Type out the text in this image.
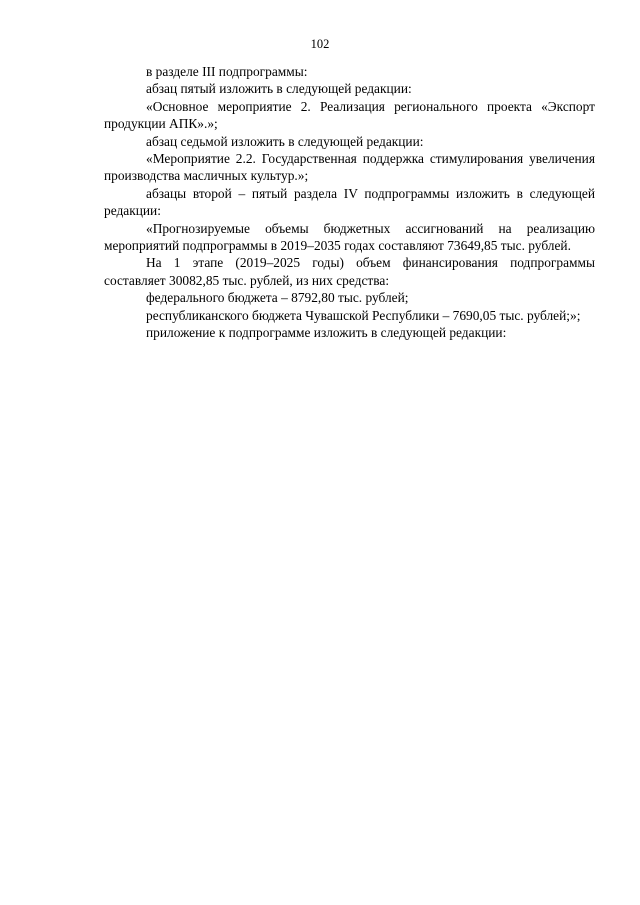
102

в разделе III подпрограммы:

абзац пятый изложить в следующей редакции:

«Основное мероприятие 2. Реализация регионального проекта «Экспорт продукции АПК».»;

абзац седьмой изложить в следующей редакции:

«Мероприятие 2.2. Государственная поддержка стимулирования увеличения производства масличных культур.»;

абзацы второй – пятый раздела IV подпрограммы изложить в следующей редакции:

«Прогнозируемые объемы бюджетных ассигнований на реализацию мероприятий подпрограммы в 2019–2035 годах составляют 73649,85 тыс. рублей.

На 1 этапе (2019–2025 годы) объем финансирования подпрограммы составляет 30082,85 тыс. рублей, из них средства:

федерального бюджета – 8792,80 тыс. рублей;

республиканского бюджета Чувашской Республики – 7690,05 тыс. рублей;»;

приложение к подпрограмме изложить в следующей редакции:
